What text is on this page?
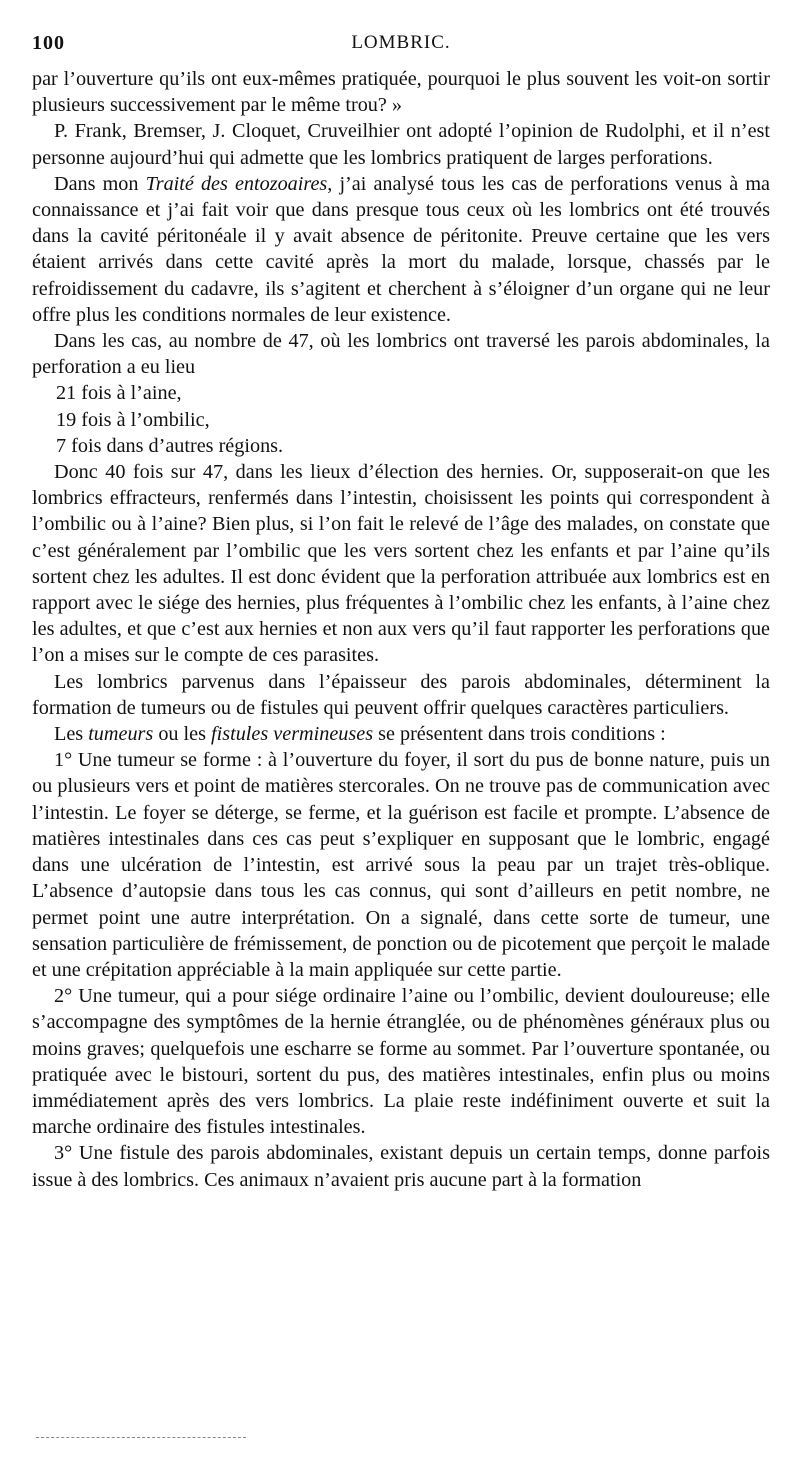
100	LOMBRIC.

par l’ouverture qu’ils ont eux-mêmes pratiquée, pourquoi le plus souvent les voit-on sortir plusieurs successivement par le même trou? »

P. Frank, Bremser, J. Cloquet, Cruveilhier ont adopté l’opinion de Rudolphi, et il n’est personne aujourd’hui qui admette que les lombrics pratiquent de larges perforations.

Dans mon Traité des entozoaires, j’ai analysé tous les cas de perforations venus à ma connaissance et j’ai fait voir que dans presque tous ceux où les lombrics ont été trouvés dans la cavité péritonéale il y avait absence de péritonite. Preuve certaine que les vers étaient arrivés dans cette cavité après la mort du malade, lorsque, chassés par le refroidissement du cadavre, ils s’agitent et cherchent à s’éloigner d’un organe qui ne leur offre plus les conditions normales de leur existence.

Dans les cas, au nombre de 47, où les lombrics ont traversé les parois abdominales, la perforation a eu lieu

21 fois à l’aine,

19 fois à l’ombilic,

7 fois dans d’autres régions.

Donc 40 fois sur 47, dans les lieux d’élection des hernies. Or, supposerait-on que les lombrics effracteurs, renfermés dans l’intestin, choisissent les points qui correspondent à l’ombilic ou à l’aine? Bien plus, si l’on fait le relevé de l’âge des malades, on constate que c’est généralement par l’ombilic que les vers sortent chez les enfants et par l’aine qu’ils sortent chez les adultes. Il est donc évident que la perforation attribuée aux lombrics est en rapport avec le siége des hernies, plus fréquentes à l’ombilic chez les enfants, à l’aine chez les adultes, et que c’est aux hernies et non aux vers qu’il faut rapporter les perforations que l’on a mises sur le compte de ces parasites.

Les lombrics parvenus dans l’épaisseur des parois abdominales, déterminent la formation de tumeurs ou de fistules qui peuvent offrir quelques caractères particuliers.

Les tumeurs ou les fistules vermineuses se présentent dans trois conditions :

1° Une tumeur se forme : à l’ouverture du foyer, il sort du pus de bonne nature, puis un ou plusieurs vers et point de matières stercorales. On ne trouve pas de communication avec l’intestin. Le foyer se déterge, se ferme, et la guérison est facile et prompte. L’absence de matières intestinales dans ces cas peut s’expliquer en supposant que le lombric, engagé dans une ulcération de l’intestin, est arrivé sous la peau par un trajet très-oblique. L’absence d’autopsie dans tous les cas connus, qui sont d’ailleurs en petit nombre, ne permet point une autre interprétation. On a signalé, dans cette sorte de tumeur, une sensation particulière de frémissement, de ponction ou de picotement que perçoit le malade et une crépitation appréciable à la main appliquée sur cette partie.

2° Une tumeur, qui a pour siége ordinaire l’aine ou l’ombilic, devient douloureuse; elle s’accompagne des symptômes de la hernie étranglée, ou de phénomènes généraux plus ou moins graves; quelquefois une escharre se forme au sommet. Par l’ouverture spontanée, ou pratiquée avec le bistouri, sortent du pus, des matières intestinales, enfin plus ou moins immédiatement après des vers lombrics. La plaie reste indéfiniment ouverte et suit la marche ordinaire des fistules intestinales.

3° Une fistule des parois abdominales, existant depuis un certain temps, donne parfois issue à des lombrics. Ces animaux n’avaient pris aucune part à la formation
